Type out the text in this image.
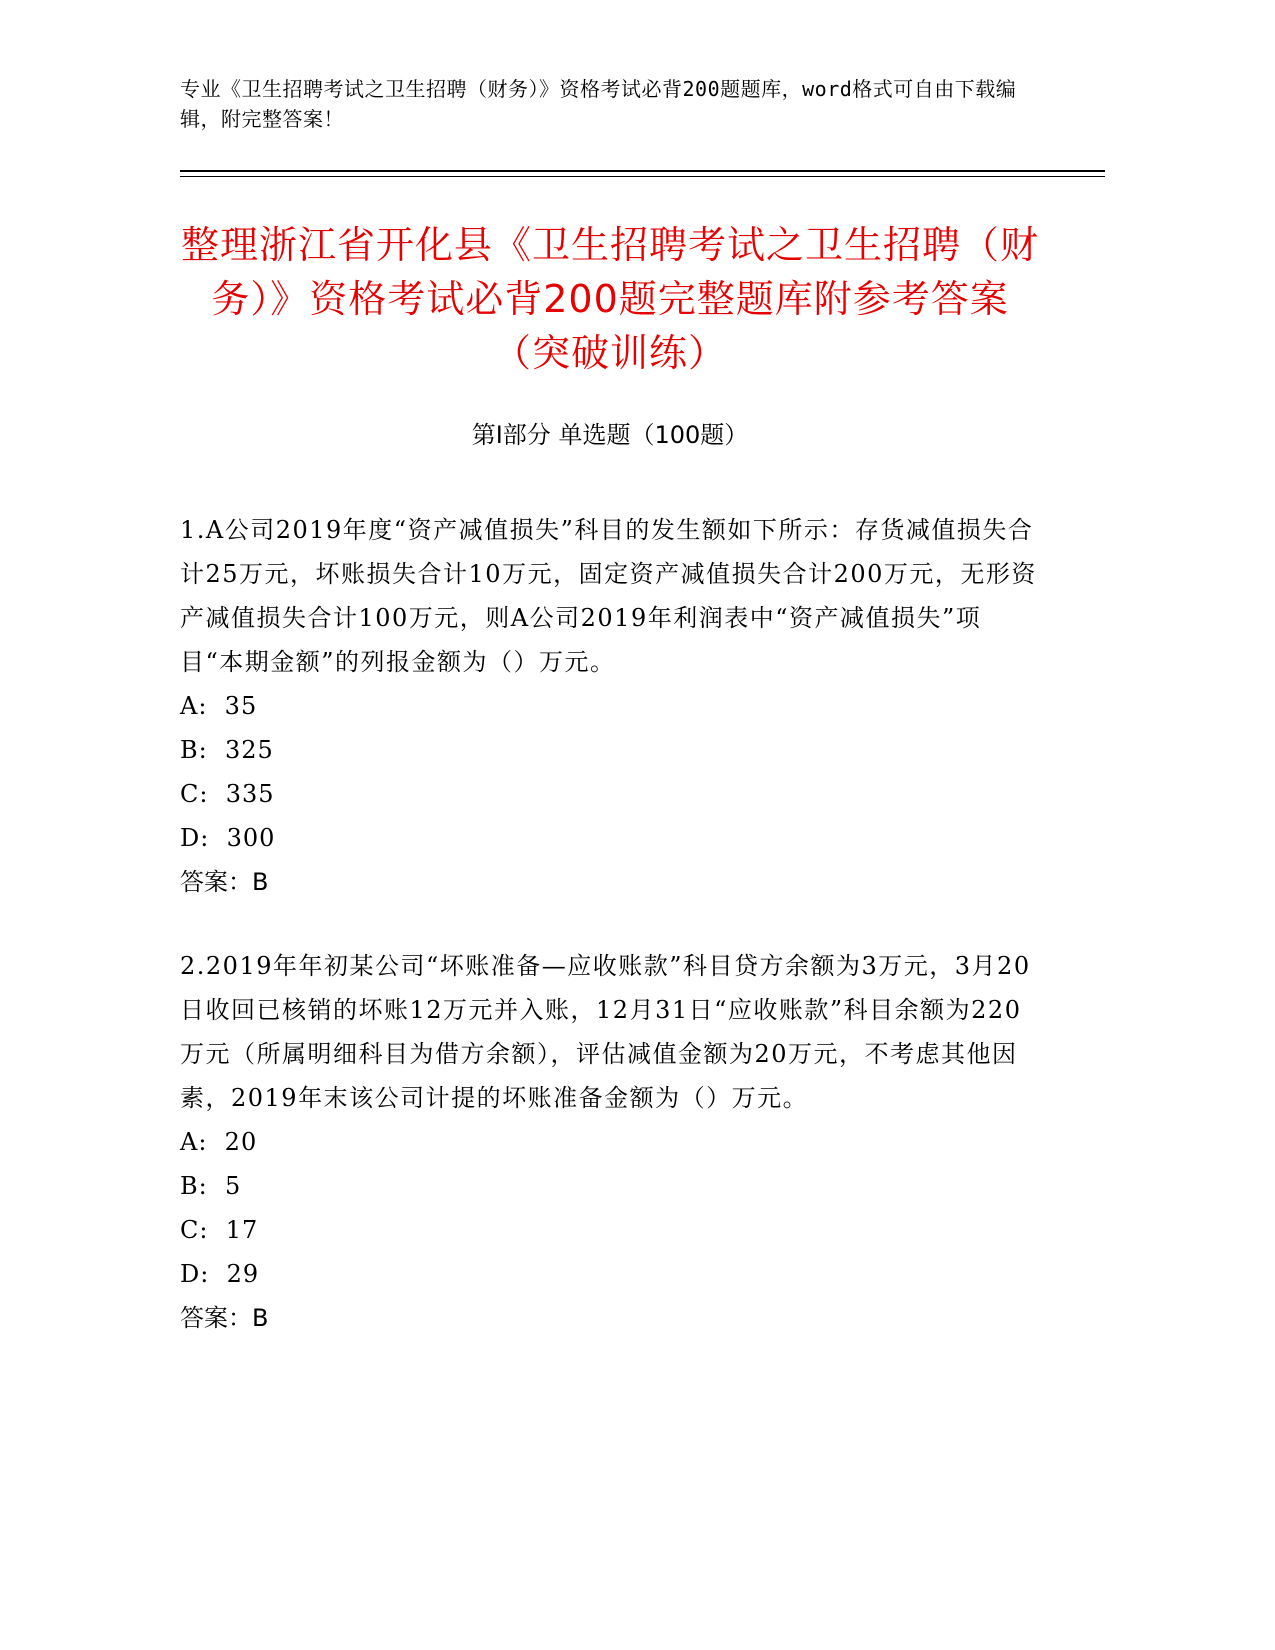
专业《卫生招聘考试之卫生招聘（财务）》资格考试必背200题题库，word格式可自由下载编辑，附完整答案！
整理浙江省开化县《卫生招聘考试之卫生招聘（财务）》资格考试必背200题完整题库附参考答案（突破训练）
第I部分 单选题（100题）
1.A公司2019年度“资产减值损失”科目的发生额如下所示：存货减值损失合计25万元，坏账损失合计10万元，固定资产减值损失合计200万元，无形资产减值损失合计100万元，则A公司2019年利润表中“资产减值损失”项目“本期金额”的列报金额为（）万元。
A:  35
B:  325
C:  335
D:  300
答案：B
2.2019年年初某公司“坏账准备—应收账款”科目贷方余额为3万元，3月20日收回已核销的坏账12万元并入账，12月31日“应收账款”科目余额为220万元（所属明细科目为借方余额），评估减值金额为20万元，不考虑其他因素，2019年末该公司计提的坏账准备金额为（）万元。
A:  20
B:  5
C:  17
D:  29
答案：B
